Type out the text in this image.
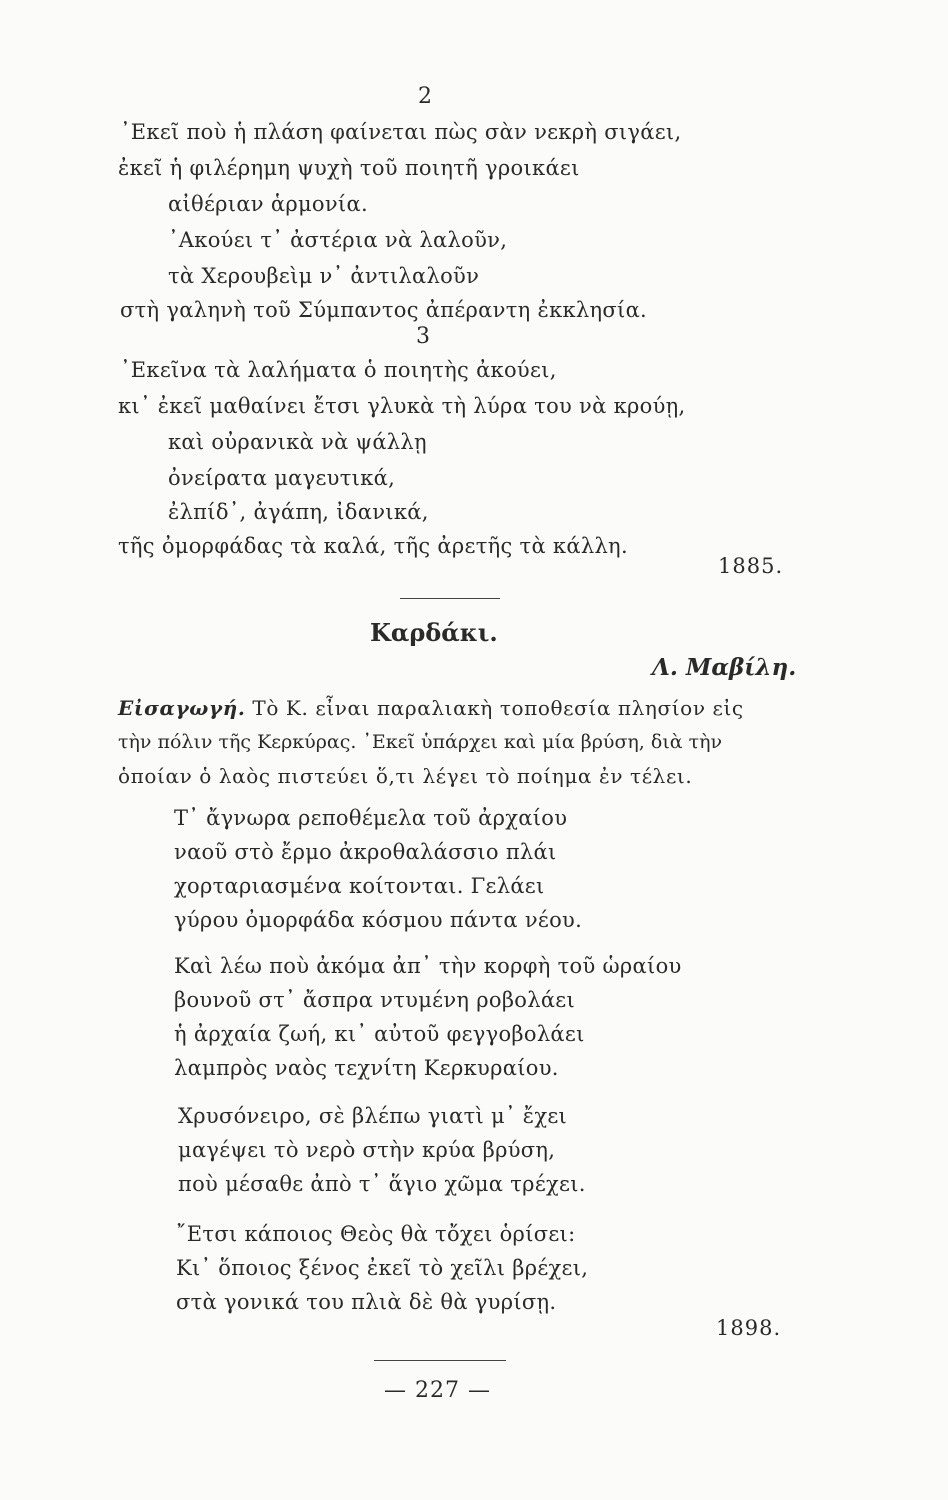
2
᾿Εκεῖ ποὺ ἡ πλάση φαίνεται πὼς σὰν νεκρὴ σιγάει,
ἐκεῖ ἡ φιλέρημη ψυχὴ τοῦ ποιητῆ γροικάει
αἰθέριαν ἁρμονία.
᾿Ακούει τ᾿ ἀστέρια νὰ λαλοῦν,
τὰ Χερουβεὶμ ν᾿ ἀντιλαλοῦν
στὴ γαληνὴ τοῦ Σύμπαντος ἀπέραντη ἐκκλησία.
3
᾿Εκεῖνα τὰ λαλήματα ὁ ποιητὴς ἀκούει,
κι᾿ ἐκεῖ μαθαίνει ἔτσι γλυκὰ τὴ λύρα του νὰ κρούῃ,
καὶ οὐρανικὰ νὰ ψάλλῃ
ὀνείρατα μαγευτικά,
ἐλπίδ᾿, ἀγάπη, ἰδανικά,
τῆς ὀμορφάδας τὰ καλά, τῆς ἀρετῆς τὰ κάλλη.
1885.
Καρδάκι.
Λ. Μαβίλη.
Εἰσαγωγή. Τὸ Κ. εἶναι παραλιακὴ τοποθεσία πλησίον εἰς
τὴν πόλιν τῆς Κερκύρας. ᾿Εκεῖ ὑπάρχει καὶ μία βρύση, διὰ τὴν
ὁποίαν ὁ λαὸς πιστεύει ὅ,τι λέγει τὸ ποίημα ἐν τέλει.
Τ᾿ ἄγνωρα ρεποθέμελα τοῦ ἀρχαίου
ναοῦ στὸ ἔρμο ἀκροθαλάσσιο πλάι
χορταριασμένα κοίτονται. Γελάει
γύρου ὀμορφάδα κόσμου πάντα νέου.
Καὶ λέω ποὺ ἀκόμα ἀπ᾿ τὴν κορφὴ τοῦ ὡραίου
βουνοῦ στ᾿ ἄσπρα ντυμένη ροβολάει
ἡ ἀρχαία ζωή, κι᾿ αὐτοῦ φεγγοβολάει
λαμπρὸς ναὸς τεχνίτη Κερκυραίου.
Χρυσόνειρο, σὲ βλέπω γιατὶ μ᾿ ἔχει
μαγέψει τὸ νερὸ στὴν κρύα βρύση,
ποὺ μέσαθε ἀπὸ τ᾿ ἅγιο χῶμα τρέχει.
῎Ετσι κάποιος Θεὸς θὰ τὄχει ὁρίσει:
Κι᾿ ὅποιος ξένος ἐκεῖ τὸ χεῖλι βρέχει,
στὰ γονικά του πλιὰ δὲ θὰ γυρίσῃ.
1898.
— 227 —
